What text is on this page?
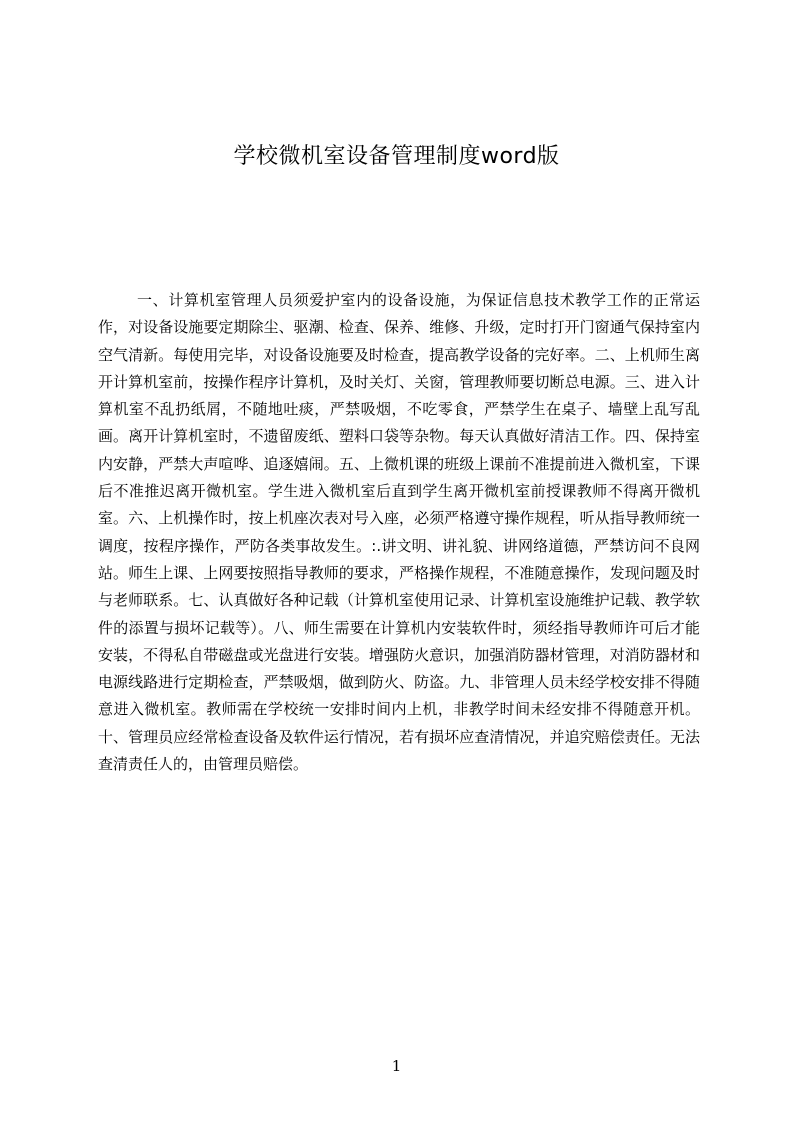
学校微机室设备管理制度word版

一、计算机室管理人员须爱护室内的设备设施，为保证信息技术教学工作的正常运作，对设备设施要定期除尘、驱潮、检查、保养、维修、升级，定时打开门窗通气保持室内空气清新。每使用完毕，对设备设施要及时检查，提高教学设备的完好率。二、上机师生离开计算机室前，按操作程序计算机，及时关灯、关窗，管理教师要切断总电源。三、进入计算机室不乱扔纸屑，不随地吐痰，严禁吸烟，不吃零食，严禁学生在桌子、墙壁上乱写乱画。离开计算机室时，不遗留废纸、塑料口袋等杂物。每天认真做好清洁工作。四、保持室内安静，严禁大声喧哗、追逐嬉闹。五、上微机课的班级上课前不准提前进入微机室，下课后不准推迟离开微机室。学生进入微机室后直到学生离开微机室前授课教师不得离开微机室。六、上机操作时，按上机座次表对号入座，必须严格遵守操作规程，听从指导教师统一调度，按程序操作，严防各类事故发生。:.讲文明、讲礼貌、讲网络道德，严禁访问不良网站。师生上课、上网要按照指导教师的要求，严格操作规程，不准随意操作，发现问题及时与老师联系。七、认真做好各种记载（计算机室使用记录、计算机室设施维护记载、教学软件的添置与损坏记载等）。八、师生需要在计算机内安装软件时，须经指导教师许可后才能安装，不得私自带磁盘或光盘进行安装。增强防火意识，加强消防器材管理，对消防器材和电源线路进行定期检查，严禁吸烟，做到防火、防盗。九、非管理人员未经学校安排不得随意进入微机室。教师需在学校统一安排时间内上机，非教学时间未经安排不得随意开机。十、管理员应经常检查设备及软件运行情况，若有损坏应查清情况，并追究赔偿责任。无法查清责任人的，由管理员赔偿。

1
